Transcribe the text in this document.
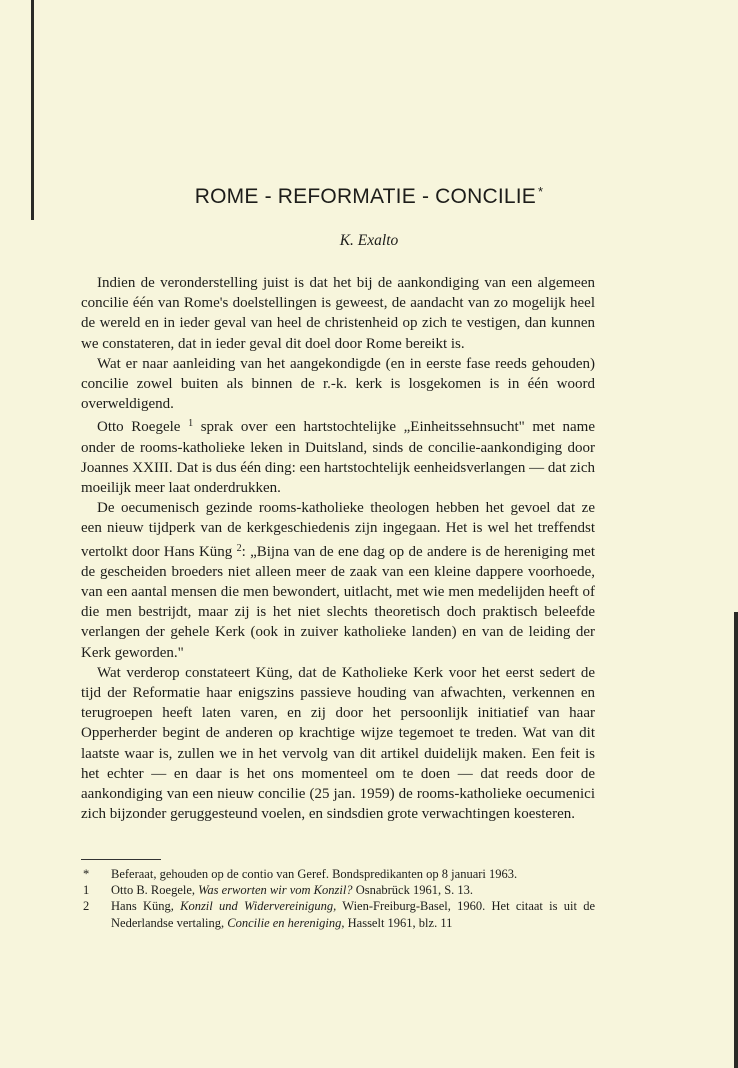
ROME - REFORMATIE - CONCILIE *
K. Exalto

Indien de veronderstelling juist is dat het bij de aankondiging van een algemeen concilie één van Rome's doelstellingen is geweest, de aandacht van zo mogelijk heel de wereld en in ieder geval van heel de christenheid op zich te vestigen, dan kunnen we constateren, dat in ieder geval dit doel door Rome bereikt is.

Wat er naar aanleiding van het aangekondigde (en in eerste fase reeds gehouden) concilie zowel buiten als binnen de r.-k. kerk is losgekomen is in één woord overweldigend.

Otto Roegele $^1$ sprak over een hartstochtelijke „Einheitssehnsucht" met name onder de rooms-katholieke leken in Duitsland, sinds de concilie-aankondiging door Joannes XXIII. Dat is dus één ding: een hartstochtelijk eenheidsverlangen — dat zich moeilijk meer laat onderdrukken.

De oecumenisch gezinde rooms-katholieke theologen hebben het gevoel dat ze een nieuw tijdperk van de kerkgeschiedenis zijn ingegaan. Het is wel het treffendst vertolkt door Hans Küng $^2$: „Bijna van de ene dag op de andere is de hereniging met de gescheiden broeders niet alleen meer de zaak van een kleine dappere voorhoede, van een aantal mensen die men bewondert, uitlacht, met wie men medelijden heeft of die men bestrijdt, maar zij is het niet slechts theoretisch doch praktisch beleefde verlangen der gehele Kerk (ook in zuiver katholieke landen) en van de leiding der Kerk geworden."

Wat verderop constateert Küng, dat de Katholieke Kerk voor het eerst sedert de tijd der Reformatie haar enigszins passieve houding van afwachten, verkennen en terugroepen heeft laten varen, en zij door het persoonlijk initiatief van haar Opperherder begint de anderen op krachtige wijze tegemoet te treden. Wat van dit laatste waar is, zullen we in het vervolg van dit artikel duidelijk maken. Een feit is het echter — en daar is het ons momenteel om te doen — dat reeds door de aankondiging van een nieuw concilie (25 jan. 1959) de rooms-katholieke oecumenici zich bijzonder geruggesteund voelen, en sindsdien grote verwachtingen koesteren.

*	Beferaat, gehouden op de contio van Geref. Bondspredikanten op 8 januari 1963.
1	Otto B. Roegele, Was erworten wir vom Konzil? Osnabrück 1961, S. 13.
2	Hans Küng, Konzil und Widervereinigung, Wien-Freiburg-Basel, 1960. Het citaat is uit de Nederlandse vertaling, Concilie en hereniging, Hasselt 1961, blz. 11
